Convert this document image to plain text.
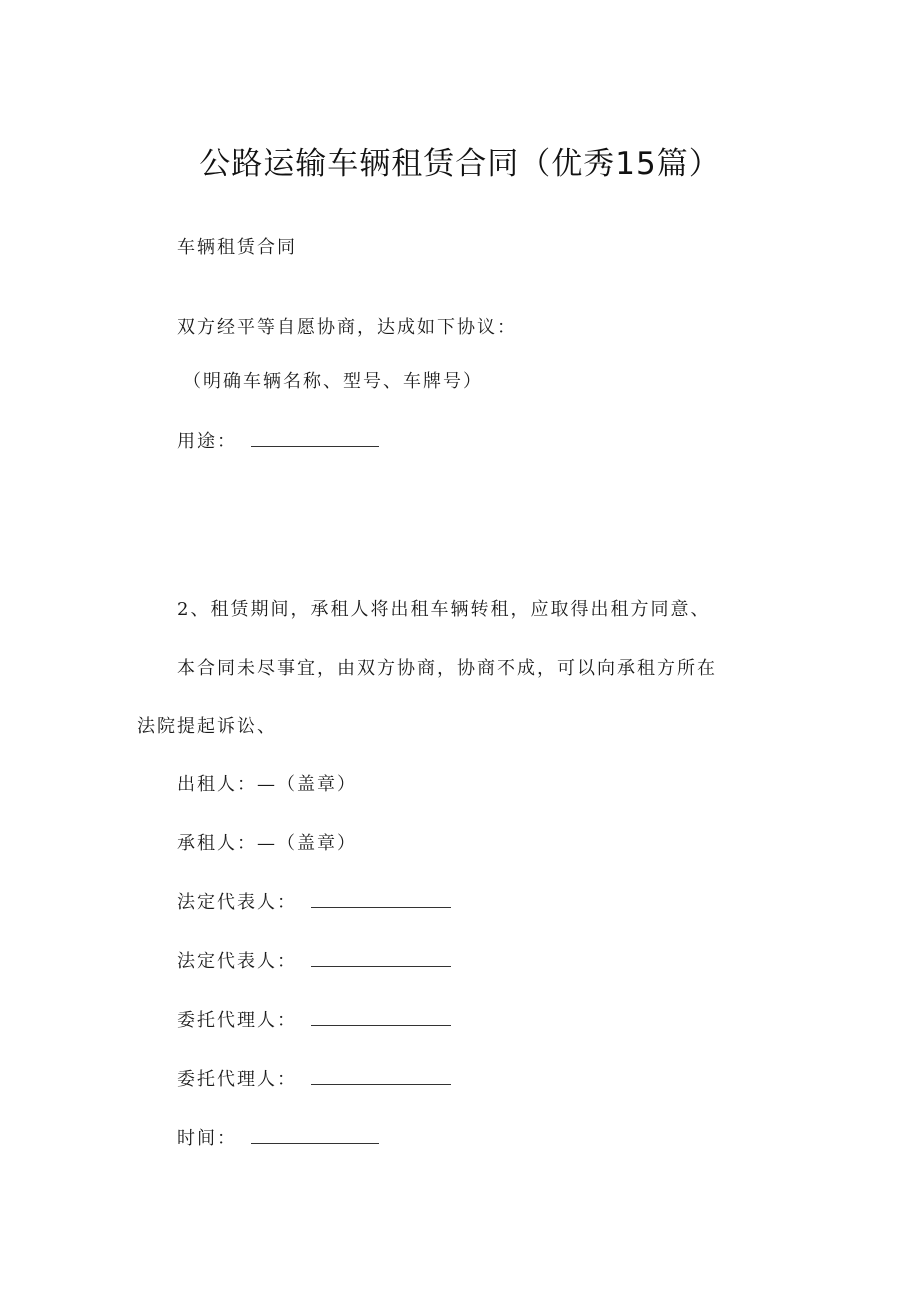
公路运输车辆租赁合同（优秀15篇）
车辆租赁合同
双方经平等自愿协商，达成如下协议：
（明确车辆名称、型号、车牌号）
用途：
2、租赁期间，承租人将出租车辆转租，应取得出租方同意、
本合同未尽事宜，由双方协商，协商不成，可以向承租方所在
法院提起诉讼、
出租人：—（盖章）
承租人：—（盖章）
法定代表人：
法定代表人：
委托代理人：
委托代理人：
时间：
